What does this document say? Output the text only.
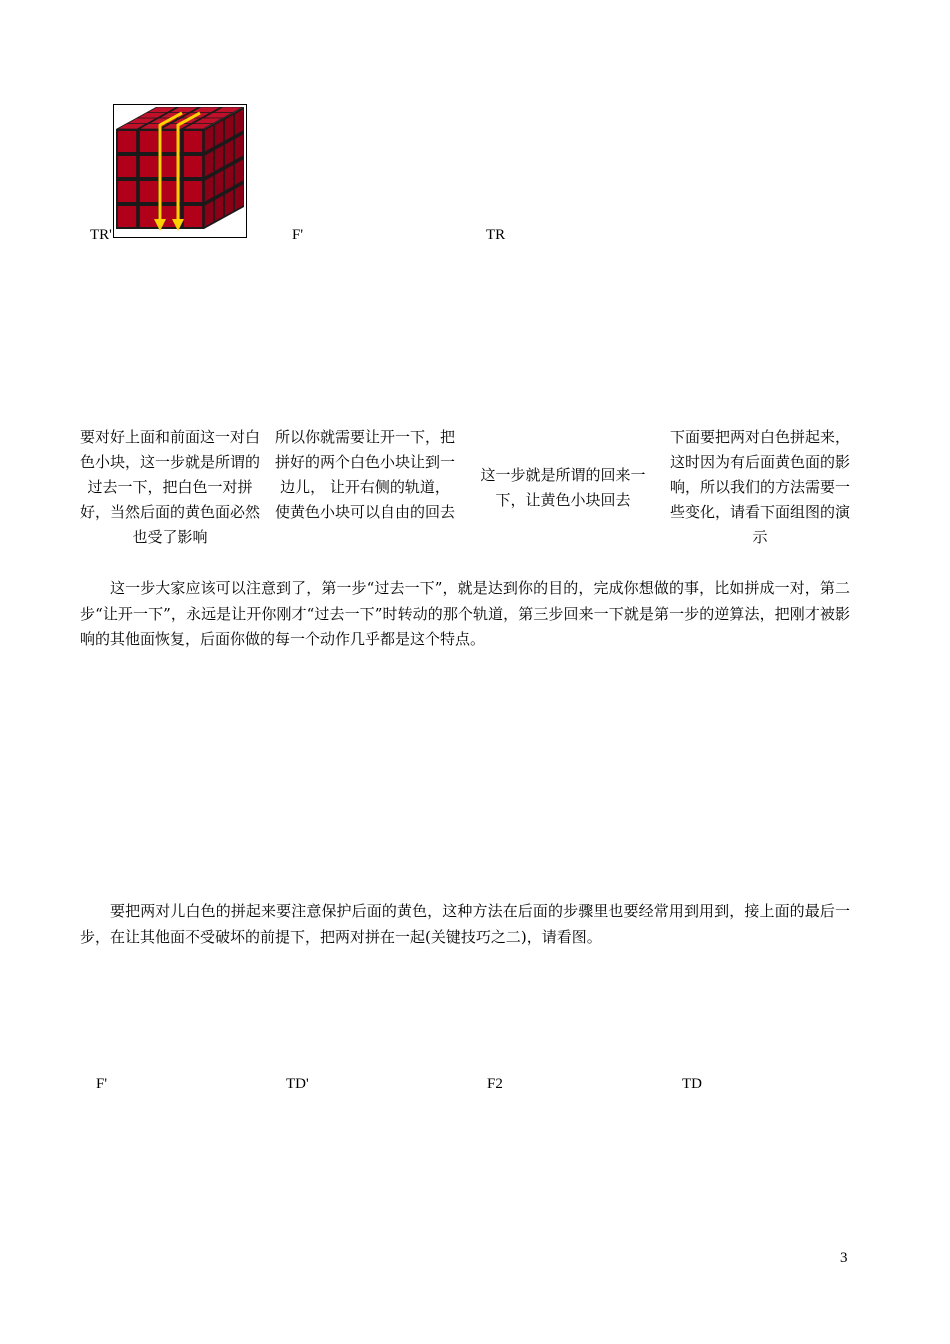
TR'	F'	TR
要对好上面和前面这一对白色小块，这一步就是所谓的过去一下，把白色一对拼好，当然后面的黄色面必然也受了影响
所以你就需要让开一下，把拼好的两个白色小块让到一边儿， 让开右侧的轨道，使黄色小块可以自由的回去
这一步就是所谓的回来一下，让黄色小块回去
下面要把两对白色拼起来，这时因为有后面黄色面的影响，所以我们的方法需要一些变化，请看下面组图的演示

这一步大家应该可以注意到了，第一步“过去一下”，就是达到你的目的，完成你想做的事，比如拼成一对，第二步“让开一下”，永远是让开你刚才“过去一下”时转动的那个轨道，第三步回来一下就是第一步的逆算法，把刚才被影响的其他面恢复，后面你做的每一个动作几乎都是这个特点。

要把两对儿白色的拼起来要注意保护后面的黄色，这种方法在后面的步骤里也要经常用到用到，接上面的最后一步，在让其他面不受破坏的前提下，把两对拼在一起(关键技巧之二)，请看图。

F'	TD'	F2	TD
3
